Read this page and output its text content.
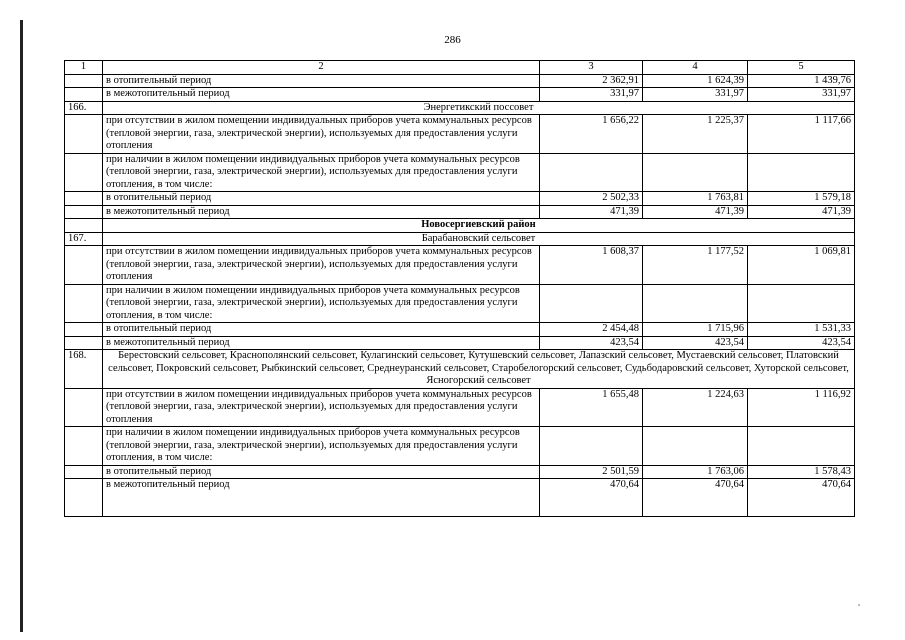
286
1	2	3	4	5
	в отопительный период	2 362,91	1 624,39	1 439,76
	в межотопительный период	331,97	331,97	331,97
166.	Энергетикский поссовет			
	при отсутствии в жилом помещении индивидуальных приборов учета коммунальных ресурсов (тепловой энергии, газа, электрической энергии), используемых для предоставления услуги отопления	1 656,22	1 225,37	1 117,66
	при наличии в жилом помещении индивидуальных приборов учета коммунальных ресурсов (тепловой энергии, газа, электрической энергии), используемых для предоставления услуги отопления, в том числе:			
	в отопительный период	2 502,33	1 763,81	1 579,18
	в межотопительный период	471,39	471,39	471,39
	Новосергиевский район			
167.	Барабановский сельсовет			
	при отсутствии в жилом помещении индивидуальных приборов учета коммунальных ресурсов (тепловой энергии, газа, электрической энергии), используемых для предоставления услуги отопления	1 608,37	1 177,52	1 069,81
	при наличии в жилом помещении индивидуальных приборов учета коммунальных ресурсов (тепловой энергии, газа, электрической энергии), используемых для предоставления услуги отопления, в том числе:			
	в отопительный период	2 454,48	1 715,96	1 531,33
	в межотопительный период	423,54	423,54	423,54
168.	Берестовский сельсовет, Краснополянский сельсовет, Кулагинский сельсовет, Кутушевский сельсовет, Лапазский сельсовет, Мустаевский сельсовет, Платовский сельсовет, Покровский сельсовет, Рыбкинский сельсовет, Среднеуранский сельсовет, Старобелогорский сельсовет, Судьбодаровский сельсовет, Хуторской сельсовет, Ясногорский сельсовет			
	при отсутствии в жилом помещении индивидуальных приборов учета коммунальных ресурсов (тепловой энергии, газа, электрической энергии), используемых для предоставления услуги отопления	1 655,48	1 224,63	1 116,92
	при наличии в жилом помещении индивидуальных приборов учета коммунальных ресурсов (тепловой энергии, газа, электрической энергии), используемых для предоставления услуги отопления, в том числе:			
	в отопительный период	2 501,59	1 763,06	1 578,43
	в межотопительный период	470,64	470,64	470,64
